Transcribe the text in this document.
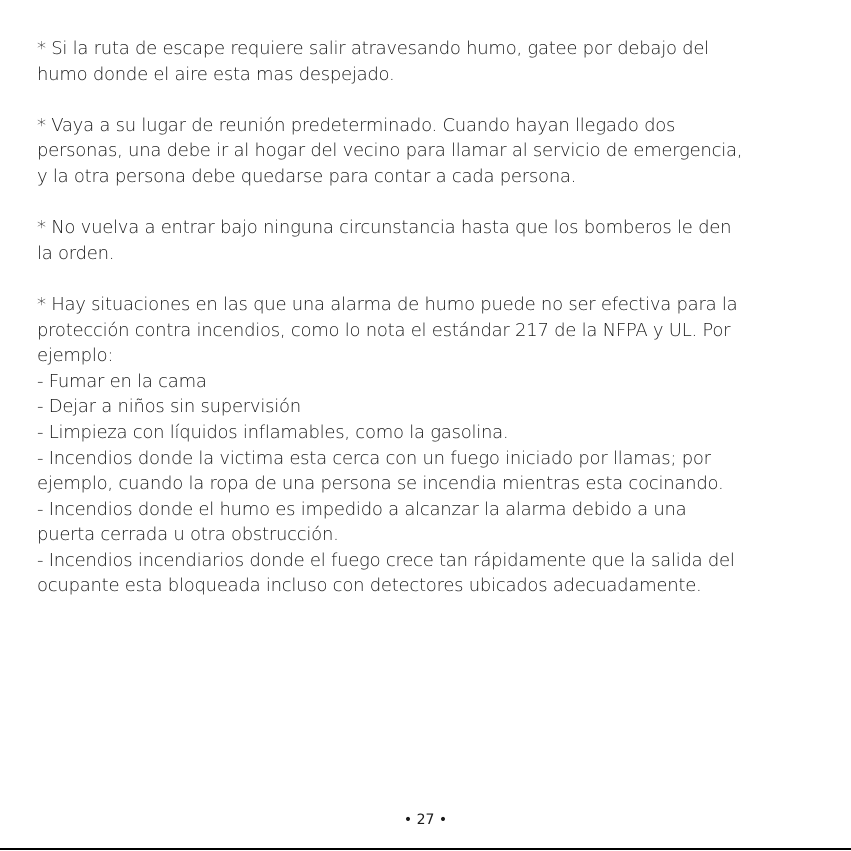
* Si la ruta de escape requiere salir atravesando humo, gatee por debajo del
humo donde el aire esta mas despejado.
* Vaya a su lugar de reunión predeterminado. Cuando hayan llegado dos
personas, una debe ir al hogar del vecino para llamar al servicio de emergencia,
y la otra persona debe quedarse para contar a cada persona.
* No vuelva a entrar bajo ninguna circunstancia hasta que los bomberos le den
la orden.
* Hay situaciones en las que una alarma de humo puede no ser efectiva para la
protección contra incendios, como lo nota el estándar 217 de la NFPA y UL. Por
ejemplo:
- Fumar en la cama
- Dejar a niños sin supervisión
- Limpieza con líquidos inflamables, como la gasolina.
- Incendios donde la victima esta cerca con un fuego iniciado por llamas; por
ejemplo, cuando la ropa de una persona se incendia mientras esta cocinando.
- Incendios donde el humo es impedido a alcanzar la alarma debido a una
puerta cerrada u otra obstrucción.
- Incendios incendiarios donde el fuego crece tan rápidamente que la salida del
ocupante esta bloqueada incluso con detectores ubicados adecuadamente.
• 27 •
